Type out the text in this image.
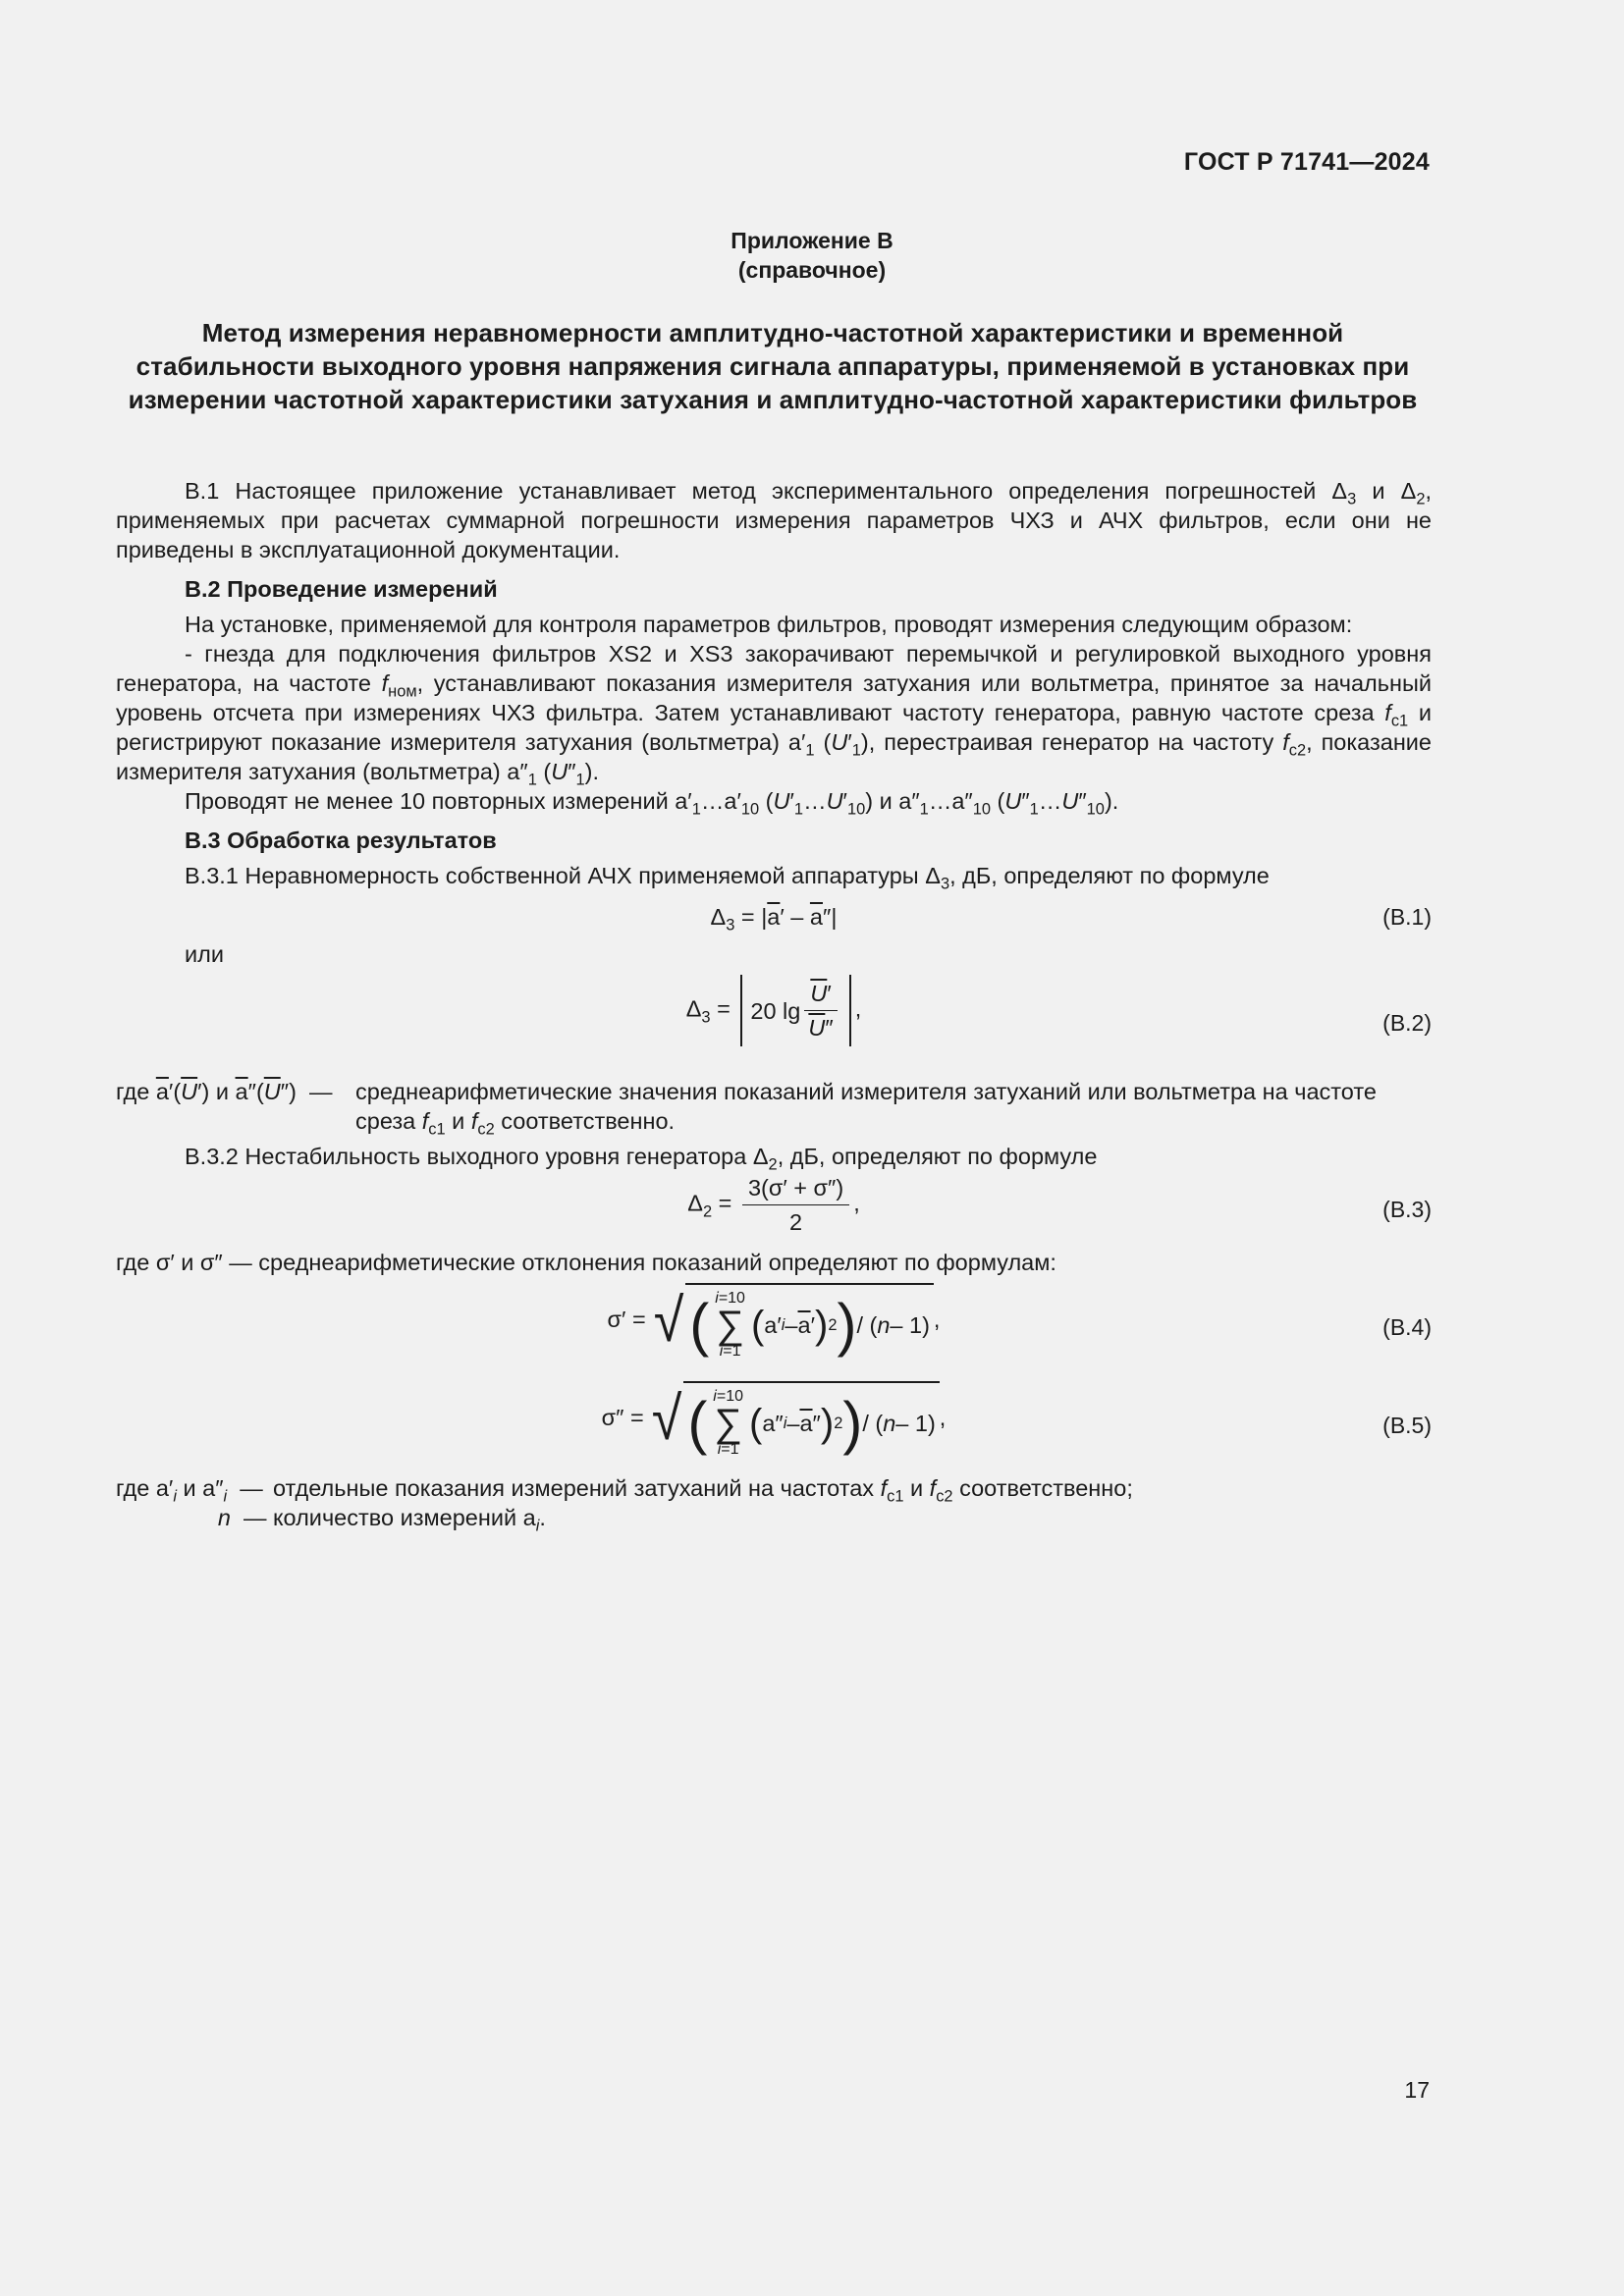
ГОСТ Р 71741—2024
Приложение В
(справочное)
Метод измерения неравномерности амплитудно-частотной характеристики и временной стабильности выходного уровня напряжения сигнала аппаратуры, применяемой в установках при измерении частотной характеристики затухания и амплитудно-частотной характеристики фильтров

В.1 Настоящее приложение устанавливает метод экспериментального определения погрешностей $\Delta_3$ и $\Delta_2$, применяемых при расчетах суммарной погрешности измерения параметров ЧХЗ и АЧХ фильтров, если они не приведены в эксплуатационной документации.

В.2 Проведение измерений

На установке, применяемой для контроля параметров фильтров, проводят измерения следующим образом:

- гнезда для подключения фильтров XS2 и XS3 закорачивают перемычкой и регулировкой выходного уровня генератора, на частоте $f_{ном}$, устанавливают показания измерителя затухания или вольтметра, принятое за начальный уровень отсчета при измерениях ЧХЗ фильтра. Затем устанавливают частоту генератора, равную частоте среза $f_{с1}$ и регистрируют показание измерителя затухания (вольтметра) $a'_1$ $(U'_1)$, перестраивая генератор на частоту $f_{с2}$, показание измерителя затухания (вольтметра) $a''_1$ $(U''_1)$.

Проводят не менее 10 повторных измерений $a'_1\dots a'_{10}$ $(U'_1\dots U'_{10})$ и $a''_1\dots a''_{10}$ $(U''_1\dots U''_{10})$.

В.3 Обработка результатов

В.3.1 Неравномерность собственной АЧХ применяемой аппаратуры $\Delta_3$, дБ, определяют по формуле

$\Delta_3 = |\overline{a}' - \overline{a}''|$	(В.1)

или

$\Delta_3 = 20$ $\lg \frac{\overline{U}'}{\overline{U}''}$ ,
(В.2)
где $\overline{a}'(\overline{U}')$ и $\overline{a}''(\overline{U}'')$  —	среднеарифметические значения показаний измерителя затуханий или вольтметра на частоте среза $f_{с1}$ и $f_{с2}$ соответственно.

В.3.2 Нестабильность выходного уровня генератора $\Delta_2$, дБ, определяют по формуле

$\Delta_2 = \frac{3(\sigma' + \sigma'')}{2}$ ,	(В.3)

где σ′ и σ″ — среднеарифметические отклонения показаний определяют по формулам:

σ′ = √ ( i=10
∑
i=1
( a′ i – $\overline{a}$ ′ ) 2 ) / ( n – 1) ,	(В.4)
σ″ = √ ( i=10
∑
i=1
( a″ i – $\overline{a}$ ″ ) 2 ) / ( n – 1) ,	(В.5)
где $a'_i$ и $a''_i$  — отдельные показания измерений затуханий на частотах $f_{с1}$ и $f_{с2}$ соответственно;
n  — количество измерений $a_i$.
17
